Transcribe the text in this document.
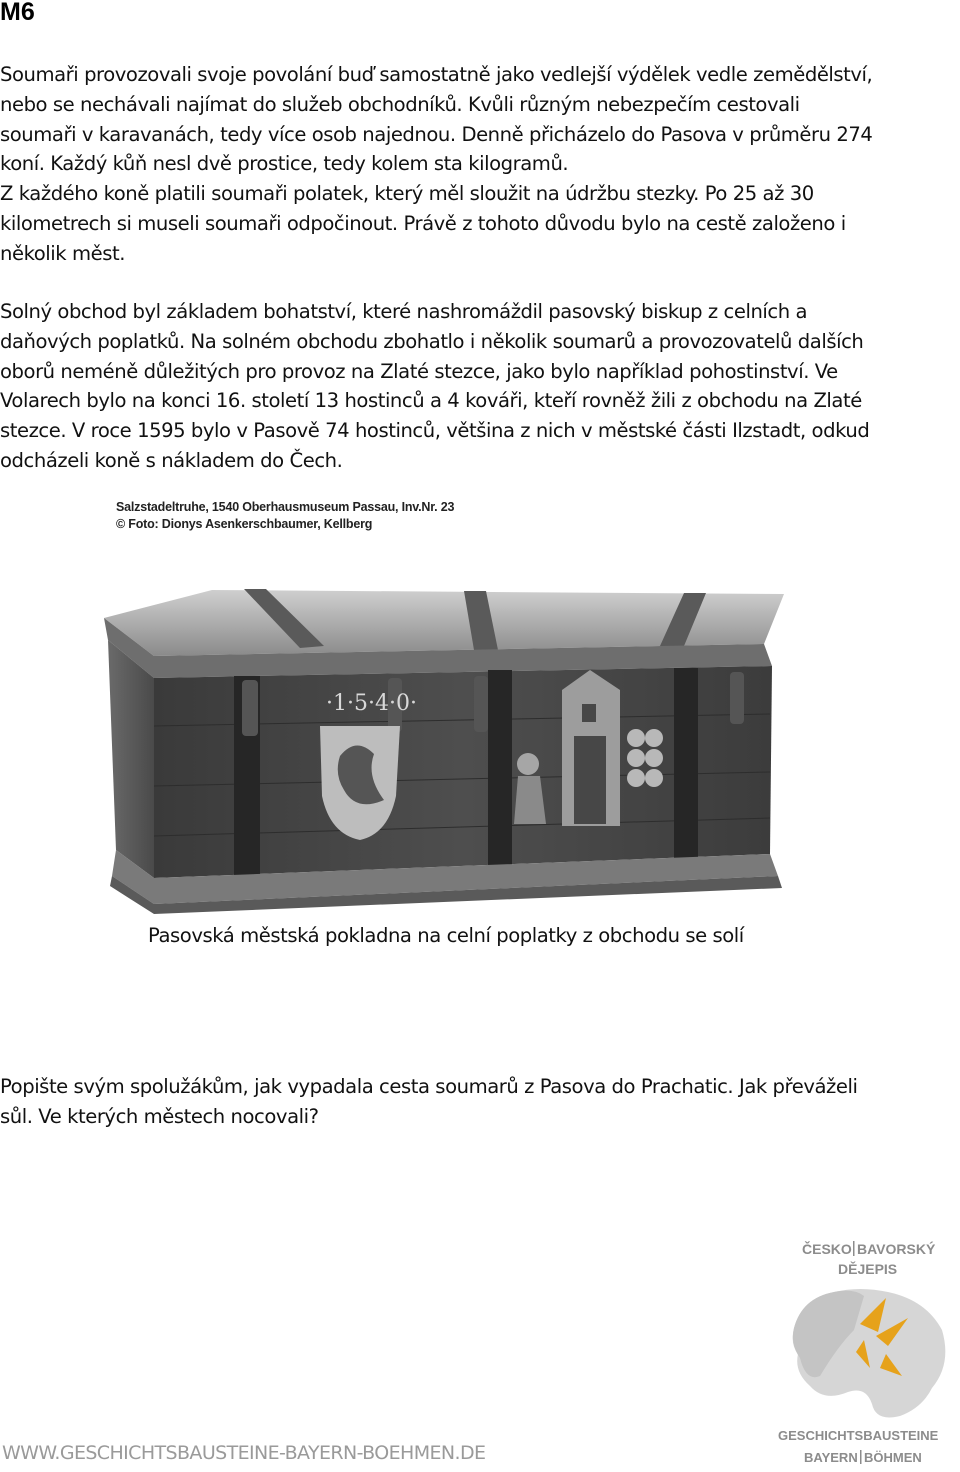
M6
Soumaři provozovali svoje povolání buď samostatně jako vedlejší výdělek vedle zemědělství,
nebo se nechávali najímat do služeb obchodníků. Kvůli různým nebezpečím cestovali
soumaři v karavanách, tedy více osob najednou. Denně přicházelo do Pasova v průměru 274
koní. Každý kůň nesl dvě prostice, tedy kolem sta kilogramů.
Z každého koně platili soumaři polatek, který měl sloužit na údržbu stezky. Po 25 až 30
kilometrech si museli soumaři odpočinout. Právě z tohoto důvodu bylo na cestě založeno i
několik měst.
Solný obchod byl základem bohatství, které nashromáždil pasovský biskup z celních a
daňových poplatků. Na solném obchodu zbohatlo i několik soumarů a provozovatelů dalších
oborů neméně důležitých pro provoz na Zlaté stezce, jako bylo například pohostinství. Ve
Volarech bylo na konci 16. století 13 hostinců a 4 kováři, kteří rovněž žili z obchodu na Zlaté
stezce. V roce 1595 bylo v Pasově 74 hostinců, většina z nich v městské části Ilzstadt, odkud
odcházeli koně s nákladem do Čech.
Salzstadeltruhe, 1540 Oberhausmuseum Passau, Inv.Nr. 23
© Foto: Dionys Asenkerschbaumer, Kellberg
·1·5·4·0·
Pasovská městská pokladna na celní poplatky z obchodu se solí
Popište svým spolužákům, jak vypadala cesta soumarů z Pasova do Prachatic. Jak převáželi
sůl. Ve kterých městech nocovali?
ČESKO BAVORSKÝ
DĚJEPIS
GESCHICHTSBAUSTEINE
BAYERN BÖHMEN
WWW.GESCHICHTSBAUSTEINE-BAYERN-BOEHMEN.DE
